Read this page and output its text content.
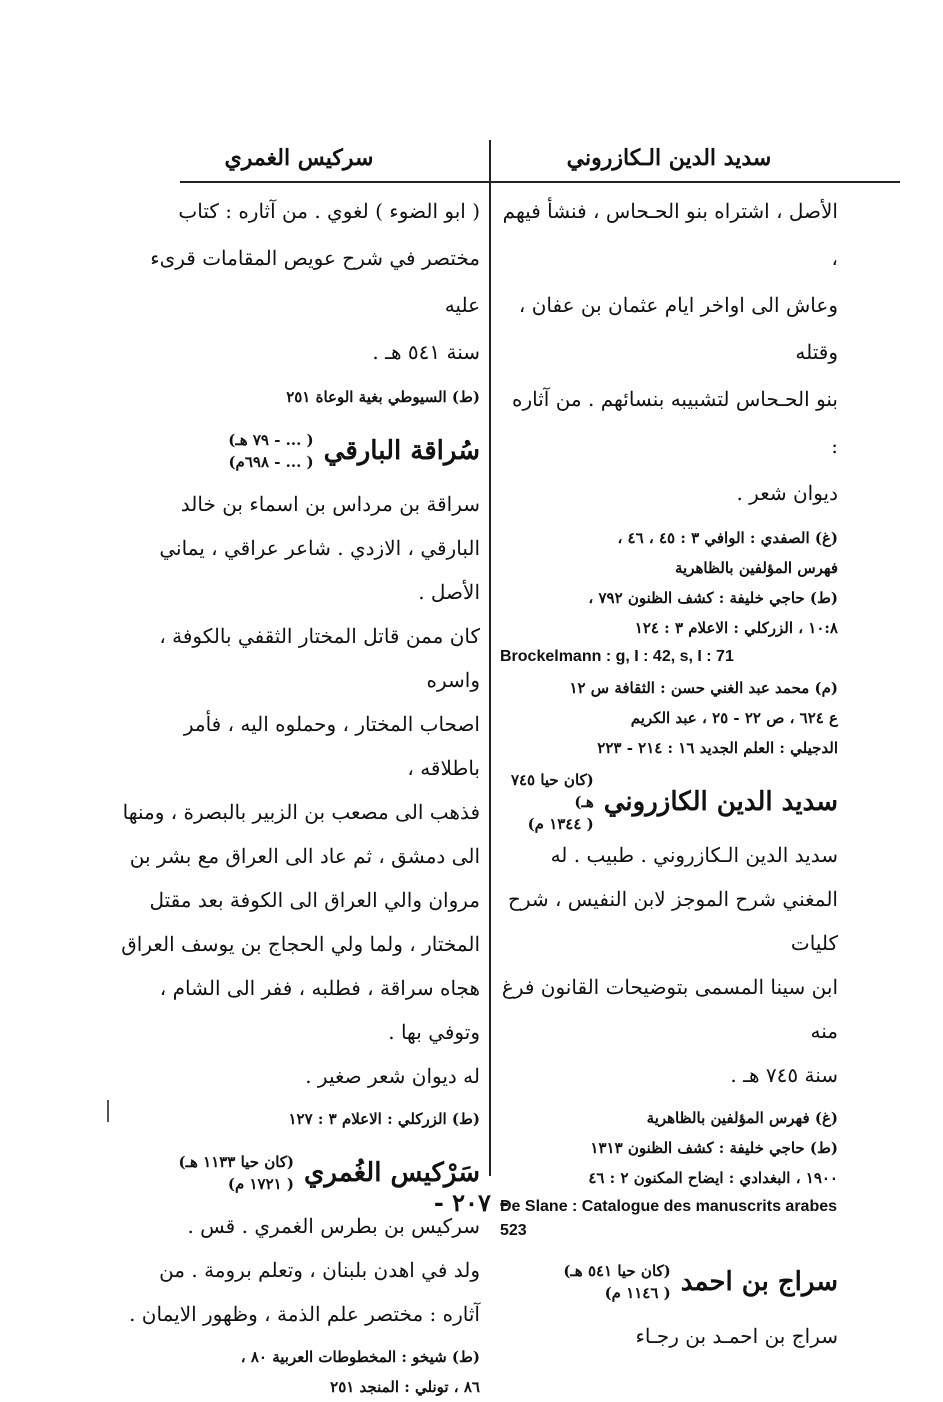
سديد الدين الـكازروني

الأصل ، اشتراه بنو الحـحاس ، فنشأ فيهم ،

وعاش الى اواخر ايام عثمان بن عفان ، وقتله

بنو الحـحاس لتشبيبه بنسائهم . من آثاره :

ديوان شعر .

(غ) الصفدي : الوافي ٣ : ٤٥ ، ٤٦ ،

فهرس المؤلفين بالظاهرية

(ط) حاجي خليفة : كشف الظنون ٧٩٢ ،

١٠:٨ ، الزركلي : الاعلام ٣ : ١٢٤

Brockelmann : g, I : 42, s, I : 71

(م) محمد عبد الغني حسن : الثقافة س ١٢

ع ٦٢٤ ، ص ٢٢ - ٢٥ ، عبد الكريم

الدجيلي : العلم الجديد ١٦ : ٢١٤ - ٢٢٣

سديد الدين الكازروني
(كان حيا ٧٤٥ هـ)
( ١٣٤٤ م)

سديد الدين الـكازروني . طبيب . له

المغني شرح الموجز لابن النفيس ، شرح كليات

ابن سينا المسمى بتوضيحات القانون فرغ منه

سنة ٧٤٥ هـ .

(غ) فهرس المؤلفين بالظاهرية

(ط) حاجي خليفة : كشف الظنون ١٣١٣

١٩٠٠ ، البغدادي : ايضاح المكنون ٢ : ٤٦

De Slane : Catalogue des manuscrits arabes 523

سراج بن احمد
(كان حيا ٥٤١ هـ)
( ١١٤٦ م)

سراج بن احمـد بن رجـاء

سركيس الغمري

( ابو الضوء ) لغوي . من آثاره : كتاب

مختصر في شرح عويص المقامات قرىء عليه

سنة ٥٤١ هـ .

(ط) السيوطي بغية الوعاة ٢٥١

سُراقة البارقي
( ... - ٧٩ هـ)
( ... - ٦٩٨م)

سراقة بن مرداس بن اسماء بن خالد

البارقي ، الازدي . شاعر عراقي ، يماني الأصل .

كان ممن قاتل المختار الثقفي بالكوفة ، واسره

اصحاب المختار ، وحملوه اليه ، فأمر باطلاقه ،

فذهب الى مصعب بن الزبير بالبصرة ، ومنها

الى دمشق ، ثم عاد الى العراق مع بشر بن

مروان والي العراق الى الكوفة بعد مقتل

المختار ، ولما ولي الحجاج بن يوسف العراق

هجاه سراقة ، فطلبه ، ففر الى الشام ، وتوفي بها .

له ديوان شعر صغير .

(ط) الزركلي : الاعلام ٣ : ١٢٧

سَرْكيس الغُمري
(كان حيا ١١٣٣ هـ)
( ١٧٢١ م)

سركيس بن بطرس الغمري . قس .

ولد في اهدن بلبنان ، وتعلم برومة . من

آثاره : مختصر علم الذمة ، وظهور الايمان .

(ط) شيخو : المخطوطات العربية ٨٠ ،

٨٦ ، تونلي : المنجد ٢٥١

- ٢٠٧ -
